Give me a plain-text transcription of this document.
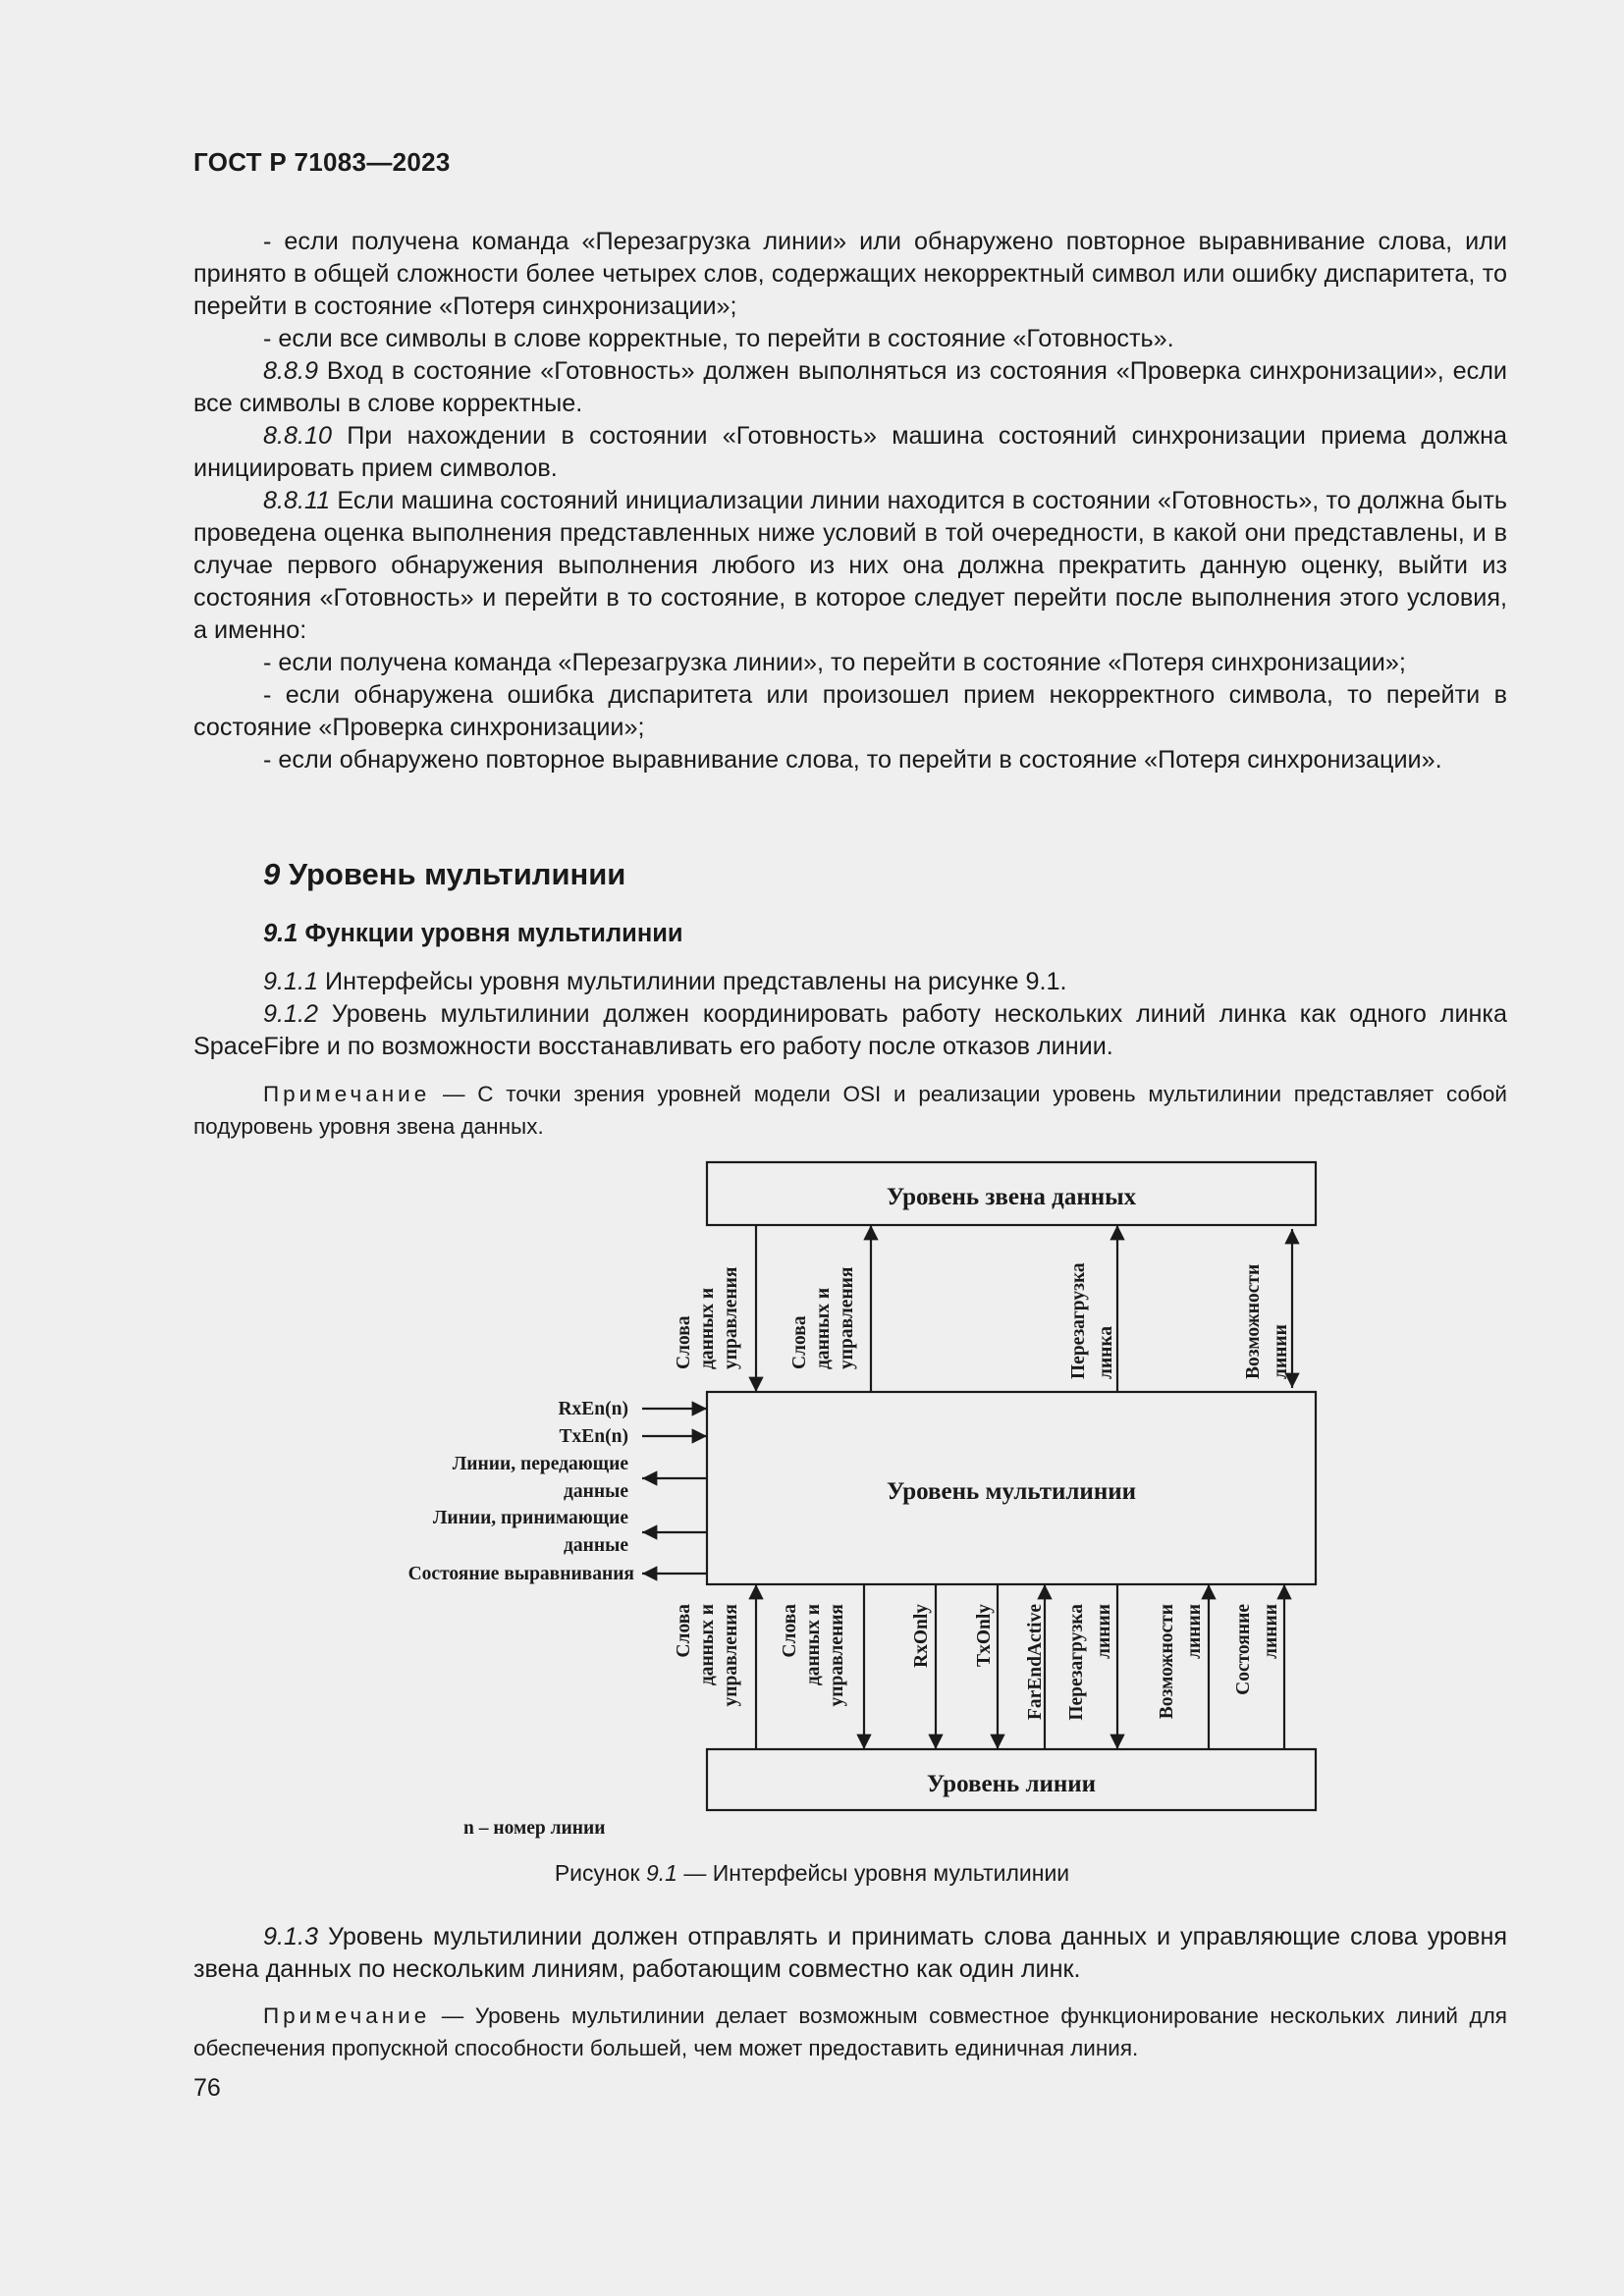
ГОСТ Р 71083—2023

- если получена команда «Перезагрузка линии» или обнаружено повторное выравнивание слова, или принято в общей сложности более четырех слов, содержащих некорректный символ или ошибку диспаритета, то перейти в состояние «Потеря синхронизации»;

- если все символы в слове корректные, то перейти в состояние «Готовность».

8.8.9 Вход в состояние «Готовность» должен выполняться из состояния «Проверка синхронизации», если все символы в слове корректные.

8.8.10 При нахождении в состоянии «Готовность» машина состояний синхронизации приема должна инициировать прием символов.

8.8.11 Если машина состояний инициализации линии находится в состоянии «Готовность», то должна быть проведена оценка выполнения представленных ниже условий в той очередности, в какой они представлены, и в случае первого обнаружения выполнения любого из них она должна прекратить данную оценку, выйти из состояния «Готовность» и перейти в то состояние, в которое следует перейти после выполнения этого условия, а именно:

- если получена команда «Перезагрузка линии», то перейти в состояние «Потеря синхронизации»;

- если обнаружена ошибка диспаритета или произошел прием некорректного символа, то перейти в состояние «Проверка синхронизации»;

- если обнаружено повторное выравнивание слова, то перейти в состояние «Потеря синхронизации».

9 Уровень мультилинии
9.1 Функции уровня мультилинии

9.1.1 Интерфейсы уровня мультилинии представлены на рисунке 9.1.

9.1.2 Уровень мультилинии должен координировать работу нескольких линий линка как одного линка SpaceFibre и по возможности восстанавливать его работу после отказов линии.

Примечание — С точки зрения уровней модели OSI и реализации уровень мультилинии представляет собой подуровень уровня звена данных.

Уровень звена данных
Уровень мультилинии
Уровень линии
Слова данных и управления	Слова данных и управления	Перезагрузка линка	Возможности линии
RxEn(n)
TxEn(n)
Линии, передающие
данные
Линии, принимающие
данные
Состояние выравнивания
Слова данных и управления Слова данных и управления	RxOnly TxOnly FarEndActive Перезагрузка линии Возможности линии Состояние линии
n – номер линии
Рисунок 9.1 — Интерфейсы уровня мультилинии

9.1.3 Уровень мультилинии должен отправлять и принимать слова данных и управляющие слова уровня звена данных по нескольким линиям, работающим совместно как один линк.

Примечание — Уровень мультилинии делает возможным совместное функционирование нескольких линий для обеспечения пропускной способности большей, чем может предоставить единичная линия.

76
